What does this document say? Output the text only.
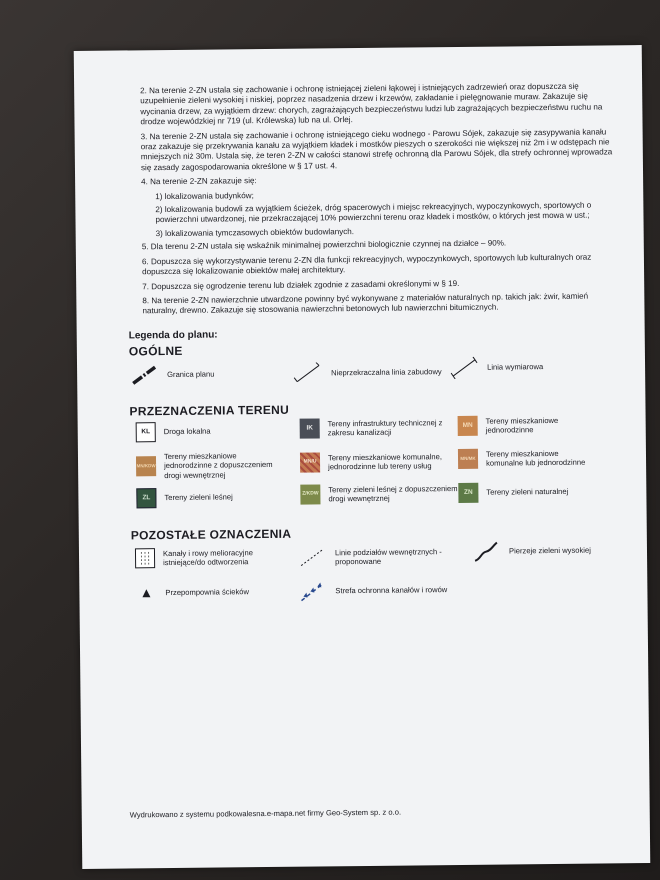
2. Na terenie 2-ZN ustala się zachowanie i ochronę istniejącej zieleni łąkowej i istniejących zadrzewień oraz dopuszcza się uzupełnienie zieleni wysokiej i niskiej, poprzez nasadzenia drzew i krzewów, zakładanie i pielęgnowanie muraw. Zakazuje się wycinania drzew, za wyjątkiem drzew: chorych, zagrażających bezpieczeństwu ludzi lub zagrażających bezpieczeństwu ruchu na drodze wojewódzkiej nr 719 (ul. Królewska) lub na ul. Orlej.

3. Na terenie 2-ZN ustala się zachowanie i ochronę istniejącego cieku wodnego - Parowu Sójek, zakazuje się zasypywania kanału oraz zakazuje się przekrywania kanału za wyjątkiem kładek i mostków pieszych o szerokości nie większej niż 2m i w odstępach nie mniejszych niż 30m. Ustala się, że teren 2-ZN w całości stanowi strefę ochronną dla Parowu Sójek, dla strefy ochronnej wprowadza się zasady zagospodarowania określone w § 17 ust. 4.

4. Na terenie 2-ZN zakazuje się:

1) lokalizowania budynków;

2) lokalizowania budowli za wyjątkiem ścieżek, dróg spacerowych i miejsc rekreacyjnych, wypoczynkowych, sportowych o powierzchni utwardzonej, nie przekraczającej 10% powierzchni terenu oraz kładek i mostków, o których jest mowa w ust.;

3) lokalizowania tymczasowych obiektów budowlanych.

5. Dla terenu 2-ZN ustala się wskaźnik minimalnej powierzchni biologicznie czynnej na działce – 90%.

6. Dopuszcza się wykorzystywanie terenu 2-ZN dla funkcji rekreacyjnych, wypoczynkowych, sportowych lub kulturalnych oraz dopuszcza się lokalizowanie obiektów małej architektury.

7. Dopuszcza się ogrodzenie terenu lub działek zgodnie z zasadami określonymi w § 19.

8. Na terenie 2-ZN nawierzchnie utwardzone powinny być wykonywane z materiałów naturalnych np. takich jak: żwir, kamień naturalny, drewno. Zakazuje się stosowania nawierzchni betonowych lub nawierzchni bitumicznych.

Legenda do planu:
OGÓLNE
Granica planu	Nieprzekraczalna linia zabudowy
Linia wymiarowa
PRZEZNACZENIA TERENU
KL	Droga lokalna	IK
Tereny infrastruktury technicznej z zakresu kanalizacji
MN
Tereny mieszkaniowe jednorodzinne
MN/KDW
Tereny mieszkaniowe jednorodzinne z dopuszczeniem drogi wewnętrznej
MN/U	Tereny mieszkaniowe komunalne, jednorodzinne lub tereny usług
MN/MK
Tereny mieszkaniowe komunalne lub jednorodzinne
ZL	Tereny zieleni leśnej	Z/KDW Tereny zieleni leśnej z dopuszczeniem drogi wewnętrznej
ZN	Tereny zieleni naturalnej
POZOSTAŁE OZNACZENIA
Kanały i rowy melioracyjne istniejące/do odtworzenia
Linie podziałów wewnętrznych - proponowane
Pierzeje zieleni wysokiej
Przepompownia ścieków	Strefa ochronna kanałów i rowów
Wydrukowano z systemu podkowalesna.e-mapa.net firmy Geo-System sp. z o.o.
